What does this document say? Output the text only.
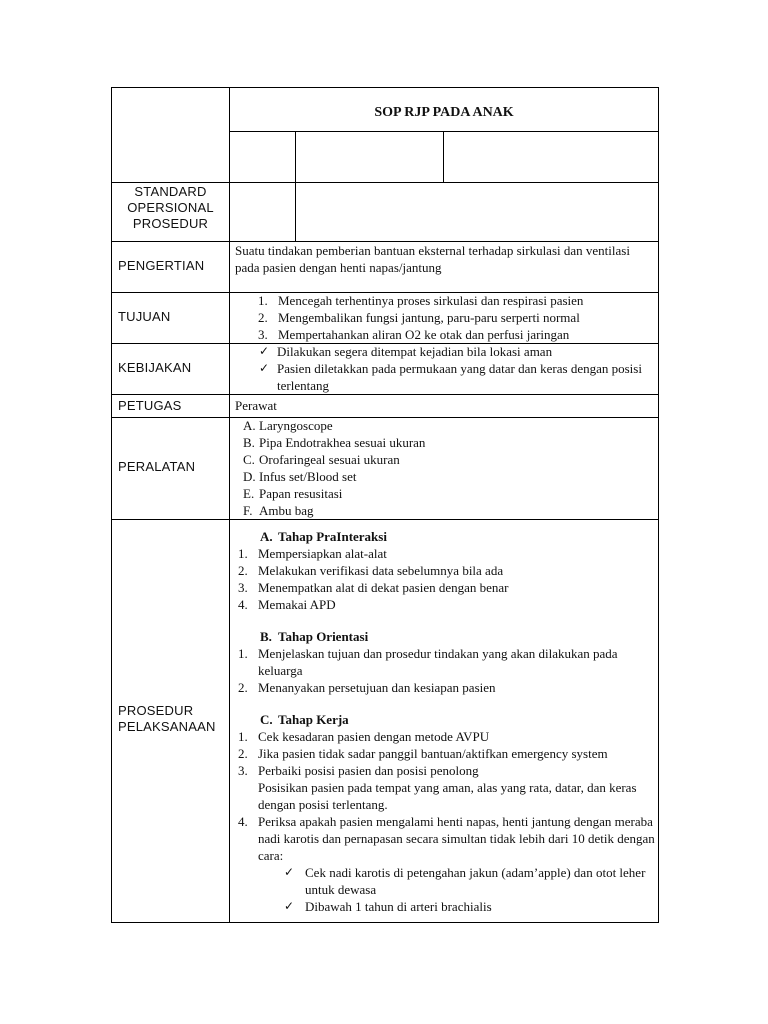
SOP RJP PADA ANAK
STANDARD
OPERSIONAL
PROSEDUR
PENGERTIAN
Suatu tindakan pemberian bantuan eksternal terhadap sirkulasi dan ventilasi pada pasien dengan henti napas/jantung
TUJUAN
1. Mencegah terhentinya proses sirkulasi dan respirasi pasien
2. Mengembalikan fungsi jantung, paru-paru serperti normal
3. Mempertahankan aliran O2 ke otak dan perfusi jaringan
KEBIJAKAN
✓ Dilakukan segera ditempat kejadian bila lokasi aman
✓ Pasien diletakkan pada permukaan yang datar dan keras dengan posisi terlentang
PETUGAS	Perawat
PERALATAN
A. Laryngoscope
B. Pipa Endotrakhea sesuai ukuran
C. Orofaringeal sesuai ukuran
D. Infus set/Blood set
E. Papan resusitasi
F. Ambu bag
PROSEDUR
PELAKSANAAN
A. Tahap PraInteraksi
1. Mempersiapkan alat-alat
2. Melakukan verifikasi data sebelumnya bila ada
3. Menempatkan alat di dekat pasien dengan benar
4. Memakai APD
B. Tahap Orientasi
1. Menjelaskan tujuan dan prosedur tindakan yang akan dilakukan pada keluarga
2. Menanyakan persetujuan dan kesiapan pasien
C. Tahap Kerja
1. Cek kesadaran pasien dengan metode AVPU
2. Jika pasien tidak sadar panggil bantuan/aktifkan emergency system
3. Perbaiki posisi pasien dan posisi penolong
Posisikan pasien pada tempat yang aman, alas yang rata, datar, dan keras dengan posisi terlentang.
4. Periksa apakah pasien mengalami henti napas, henti jantung dengan meraba nadi karotis dan pernapasan secara simultan tidak lebih dari 10 detik dengan cara:
✓ Cek nadi karotis di petengahan jakun (adam’apple) dan otot leher untuk dewasa
✓ Dibawah 1 tahun di arteri brachialis
